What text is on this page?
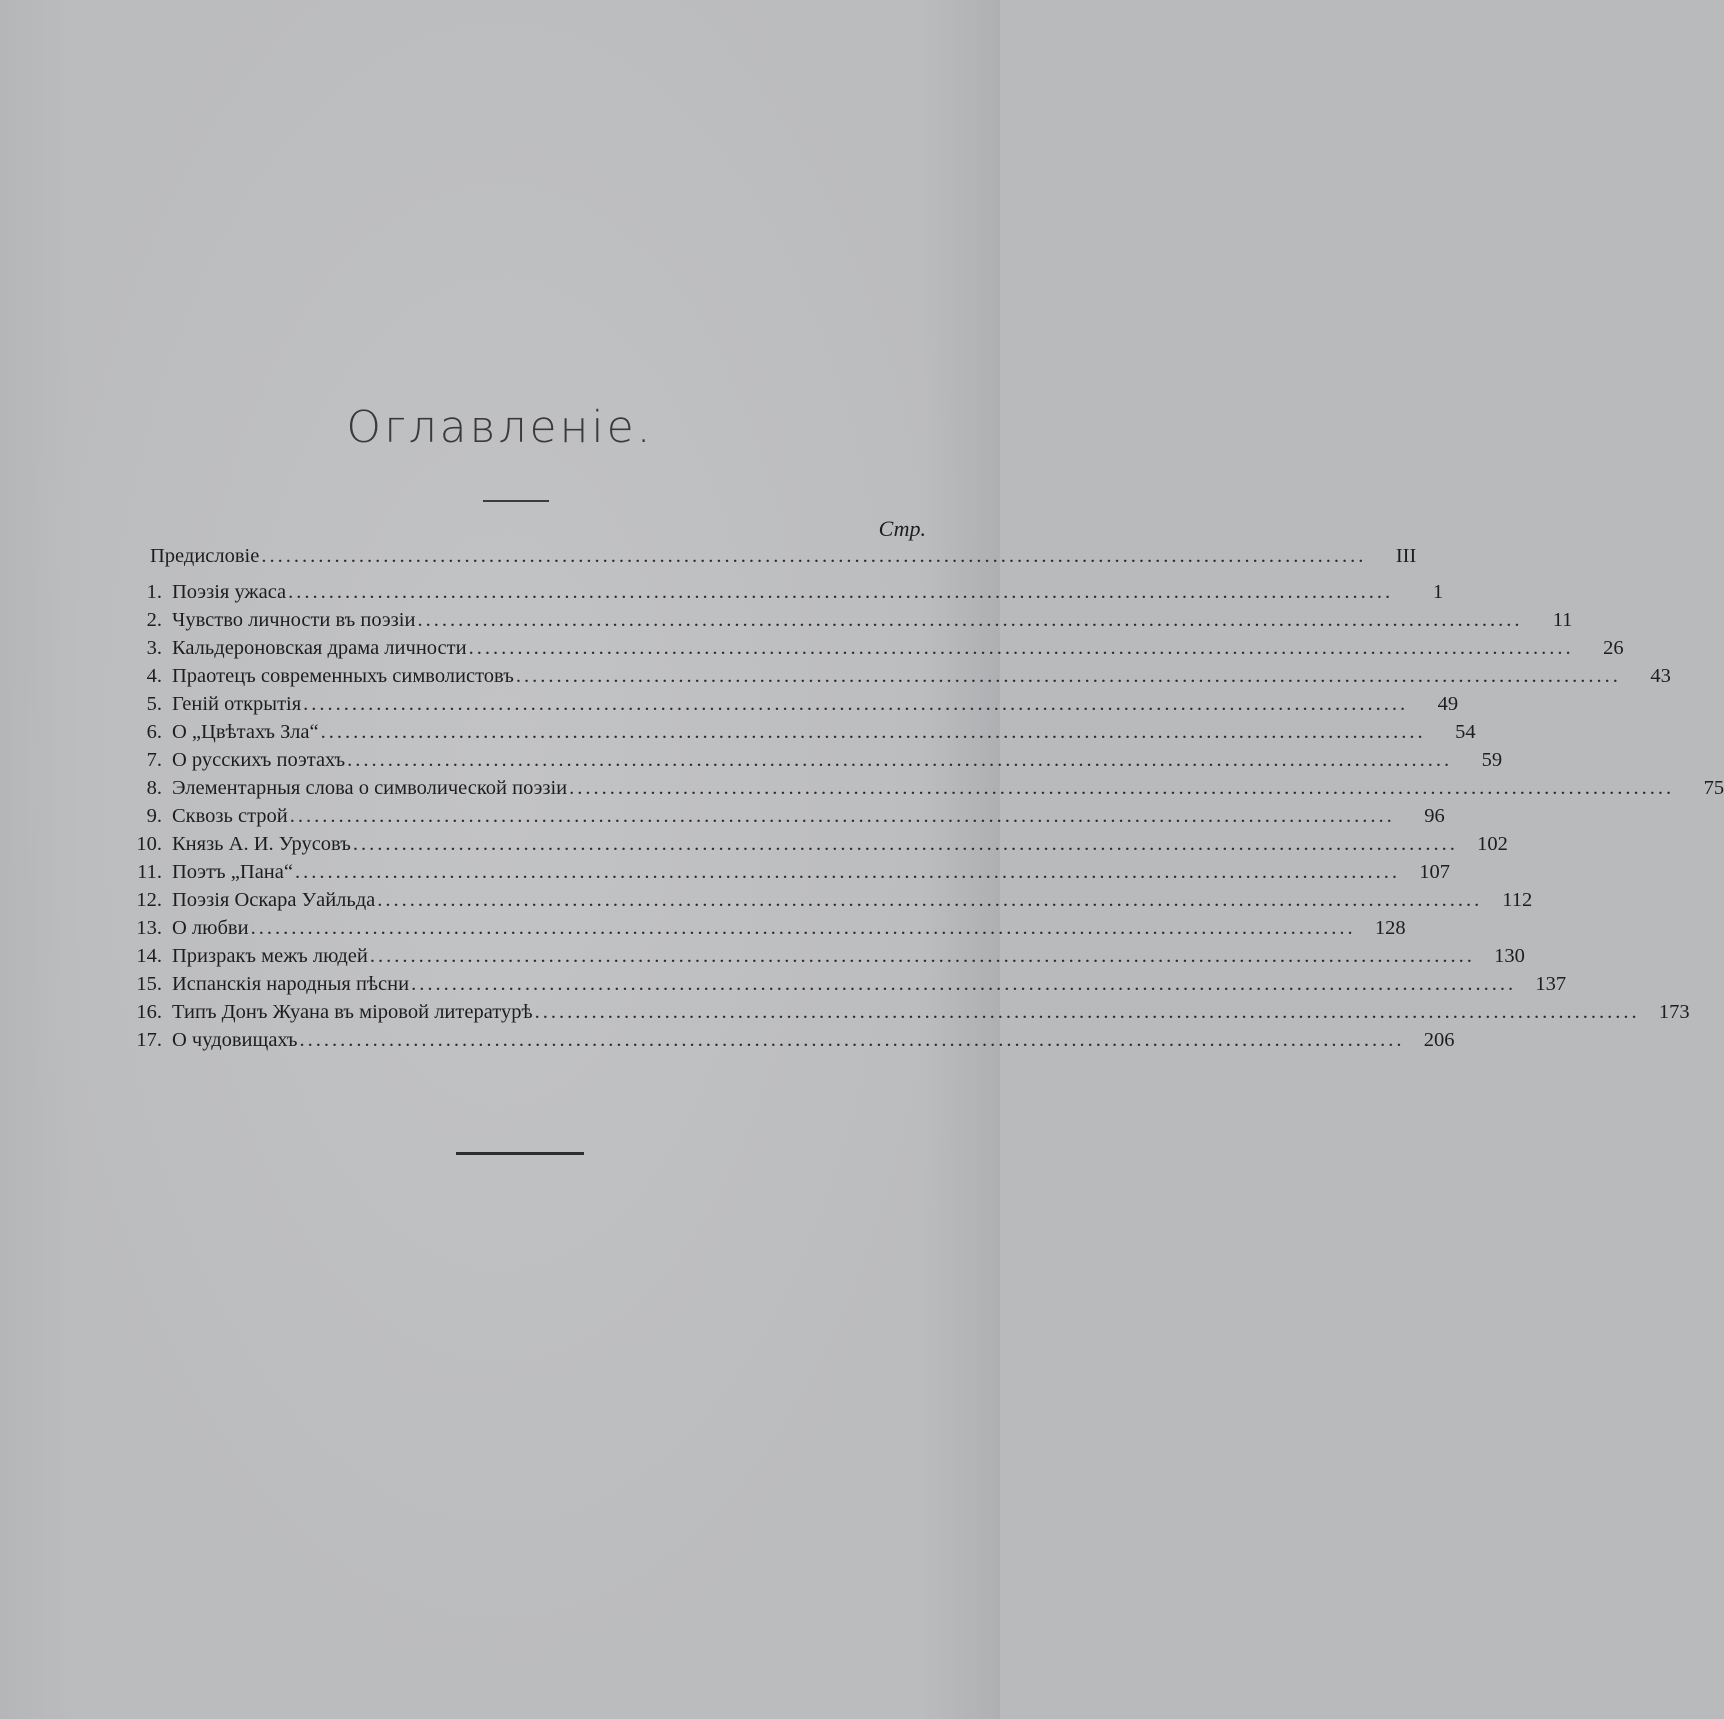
Оглавленіе.
Стр.
Предисловіе ........................................................................................................................................	III
1. Поэзія ужаса ........................................................................................................................................	1
2. Чувство личности въ поэзіи ........................................................................................................................................	11
3. Кальдероновская драма личности ........................................................................................................................................	26
4. Праотецъ современныхъ символистовъ ........................................................................................................................................	43
5. Геній открытія ........................................................................................................................................	49
6. О „Цвѣтахъ Зла“ ........................................................................................................................................	54
7. О русскихъ поэтахъ ........................................................................................................................................	59
8. Элементарныя слова о символической поэзіи ........................................................................................................................................	75
9. Сквозь строй ........................................................................................................................................	96
10. Князь А. И. Урусовъ ........................................................................................................................................ 102
11. Поэтъ „Пана“ ........................................................................................................................................ 107
12. Поэзія Оскара Уайльда ........................................................................................................................................ 112
13. О любви ........................................................................................................................................ 128
14. Призракъ межъ людей ........................................................................................................................................ 130
15. Испанскія народныя пѣсни ........................................................................................................................................ 137
16. Типъ Донъ Жуана въ міровой литературѣ ........................................................................................................................................ 173
17. О чудовищахъ ........................................................................................................................................ 206
